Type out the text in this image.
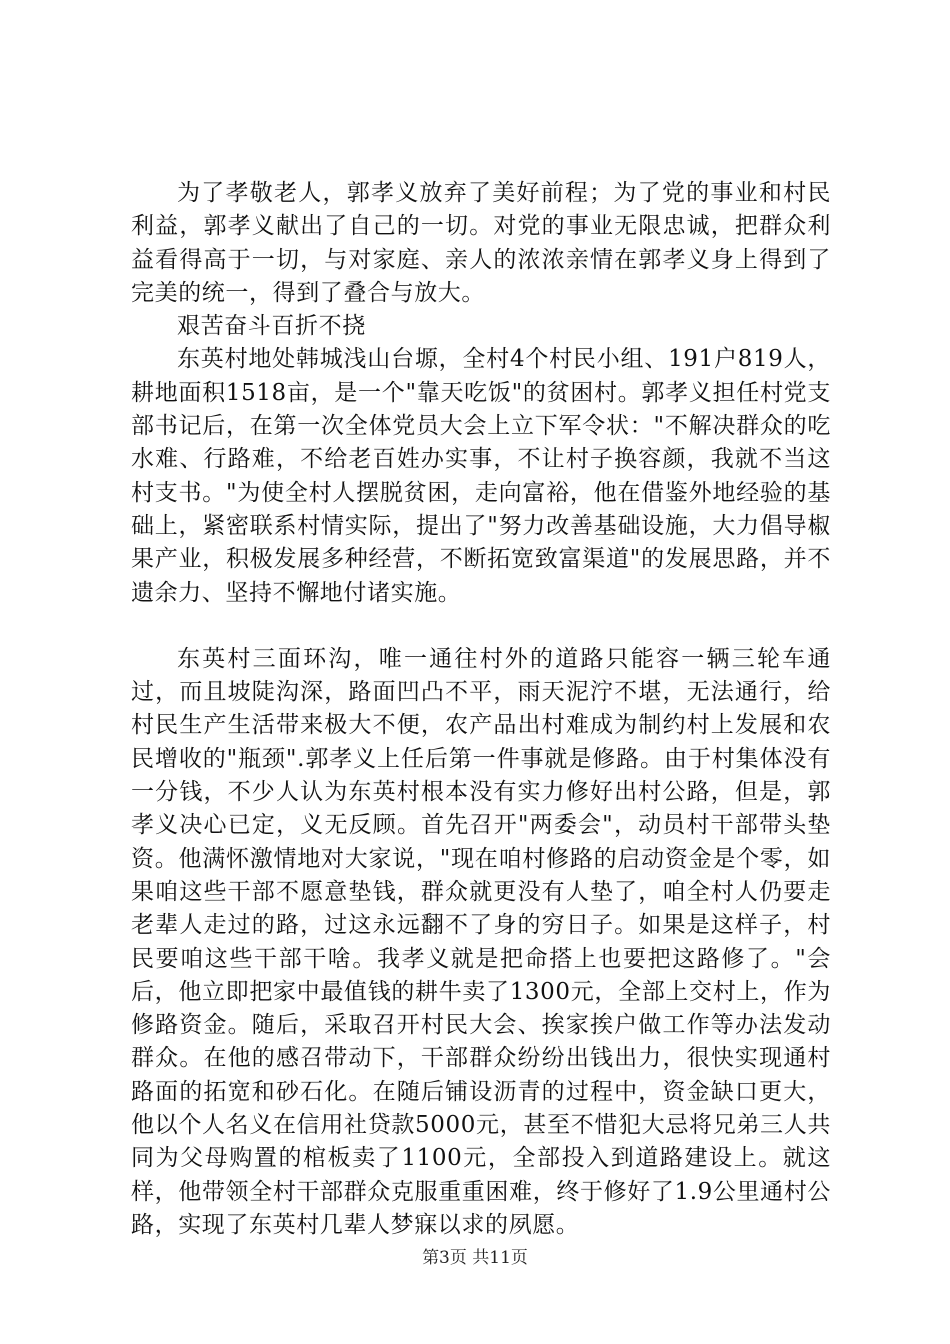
为了孝敬老人，郭孝义放弃了美好前程；为了党的事业和村民利益，郭孝义献出了自己的一切。对党的事业无限忠诚，把群众利益看得高于一切，与对家庭、亲人的浓浓亲情在郭孝义身上得到了完美的统一，得到了叠合与放大。

艰苦奋斗百折不挠

东英村地处韩城浅山台塬，全村4个村民小组、191户819人，耕地面积1518亩，是一个"靠天吃饭"的贫困村。郭孝义担任村党支部书记后，在第一次全体党员大会上立下军令状："不解决群众的吃水难、行路难，不给老百姓办实事，不让村子换容颜，我就不当这村支书。"为使全村人摆脱贫困，走向富裕，他在借鉴外地经验的基础上，紧密联系村情实际，提出了"努力改善基础设施，大力倡导椒果产业，积极发展多种经营，不断拓宽致富渠道"的发展思路，并不遗余力、坚持不懈地付诸实施。

东英村三面环沟，唯一通往村外的道路只能容一辆三轮车通过，而且坡陡沟深，路面凹凸不平，雨天泥泞不堪，无法通行，给村民生产生活带来极大不便，农产品出村难成为制约村上发展和农民增收的"瓶颈".郭孝义上任后第一件事就是修路。由于村集体没有一分钱，不少人认为东英村根本没有实力修好出村公路，但是，郭孝义决心已定，义无反顾。首先召开"两委会"，动员村干部带头垫资。他满怀激情地对大家说，"现在咱村修路的启动资金是个零，如果咱这些干部不愿意垫钱，群众就更没有人垫了，咱全村人仍要走老辈人走过的路，过这永远翻不了身的穷日子。如果是这样子，村民要咱这些干部干啥。我孝义就是把命搭上也要把这路修了。"会后，他立即把家中最值钱的耕牛卖了1300元，全部上交村上，作为修路资金。随后，采取召开村民大会、挨家挨户做工作等办法发动群众。在他的感召带动下，干部群众纷纷出钱出力，很快实现通村路面的拓宽和砂石化。在随后铺设沥青的过程中，资金缺口更大，他以个人名义在信用社贷款5000元，甚至不惜犯大忌将兄弟三人共同为父母购置的棺板卖了1100元，全部投入到道路建设上。就这样，他带领全村干部群众克服重重困难，终于修好了1.9公里通村公路，实现了东英村几辈人梦寐以求的夙愿。

第3页 共11页
